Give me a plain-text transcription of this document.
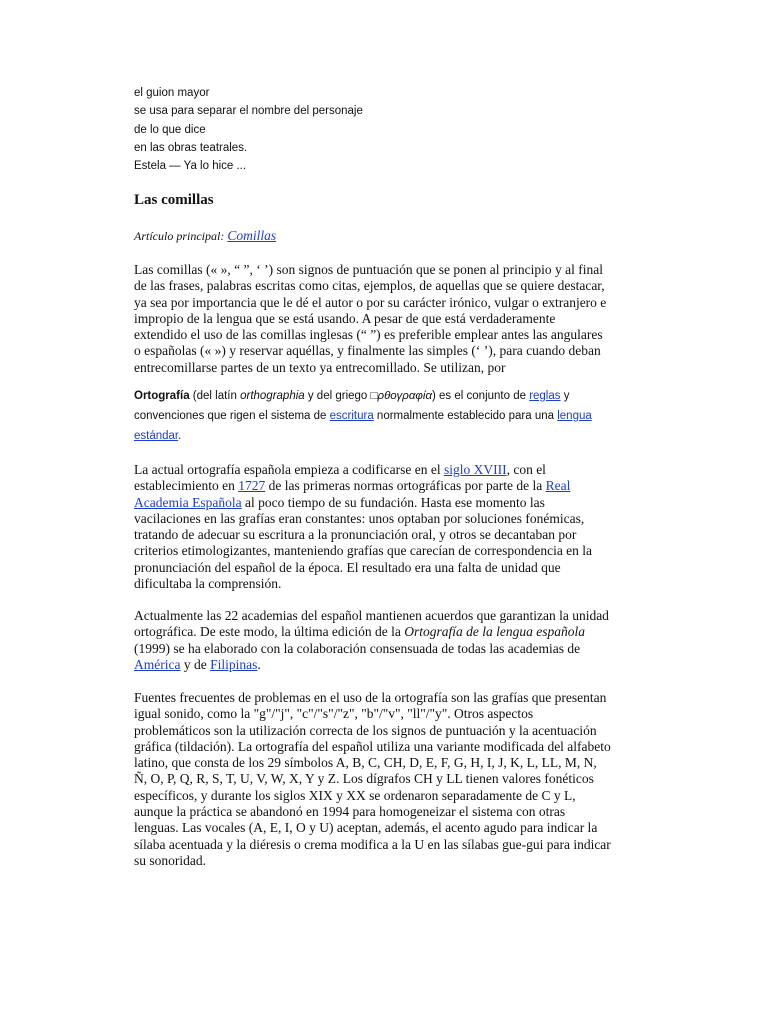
el guion mayor
se usa para separar el nombre del personaje
de lo que dice
en las obras teatrales.
Estela — Ya lo hice ...
Las comillas
Artículo principal: Comillas
Las comillas (« », “ ”, ‘ ’) son signos de puntuación que se ponen al principio y al final
de las frases, palabras escritas como citas, ejemplos, de aquellas que se quiere destacar,
ya sea por importancia que le dé el autor o por su carácter irónico, vulgar o extranjero e
impropio de la lengua que se está usando. A pesar de que está verdaderamente
extendido el uso de las comillas inglesas (“ ”) es preferible emplear antes las angulares
o españolas (« ») y reservar aquéllas, y finalmente las simples (‘ ’), para cuando deban
entrecomillarse partes de un texto ya entrecomillado. Se utilizan, por
Ortografía (del latín orthographia y del griego □ρθογραφία) es el conjunto de reglas y
convenciones que rigen el sistema de escritura normalmente establecido para una lengua
estándar.
La actual ortografía española empieza a codificarse en el siglo XVIII, con el
establecimiento en 1727 de las primeras normas ortográficas por parte de la Real
Academia Española al poco tiempo de su fundación. Hasta ese momento las
vacilaciones en las grafías eran constantes: unos optaban por soluciones fonémicas,
tratando de adecuar su escritura a la pronunciación oral, y otros se decantaban por
criterios etimologizantes, manteniendo grafías que carecían de correspondencia en la
pronunciación del español de la época. El resultado era una falta de unidad que
dificultaba la comprensión.
Actualmente las 22 academias del español mantienen acuerdos que garantizan la unidad
ortográfica. De este modo, la última edición de la Ortografía de la lengua española
(1999) se ha elaborado con la colaboración consensuada de todas las academias de
América y de Filipinas.
Fuentes frecuentes de problemas en el uso de la ortografía son las grafías que presentan
igual sonido, como la "g"/"j", "c"/"s"/"z", "b"/"v", "ll"/"y". Otros aspectos
problemáticos son la utilización correcta de los signos de puntuación y la acentuación
gráfica (tildación). La ortografía del español utiliza una variante modificada del alfabeto
latino, que consta de los 29 símbolos A, B, C, CH, D, E, F, G, H, I, J, K, L, LL, M, N,
Ñ, O, P, Q, R, S, T, U, V, W, X, Y y Z. Los dígrafos CH y LL tienen valores fonéticos
específicos, y durante los siglos XIX y XX se ordenaron separadamente de C y L,
aunque la práctica se abandonó en 1994 para homogeneizar el sistema con otras
lenguas. Las vocales (A, E, I, O y U) aceptan, además, el acento agudo para indicar la
sílaba acentuada y la diéresis o crema modifica a la U en las sílabas gue-gui para indicar
su sonoridad.
